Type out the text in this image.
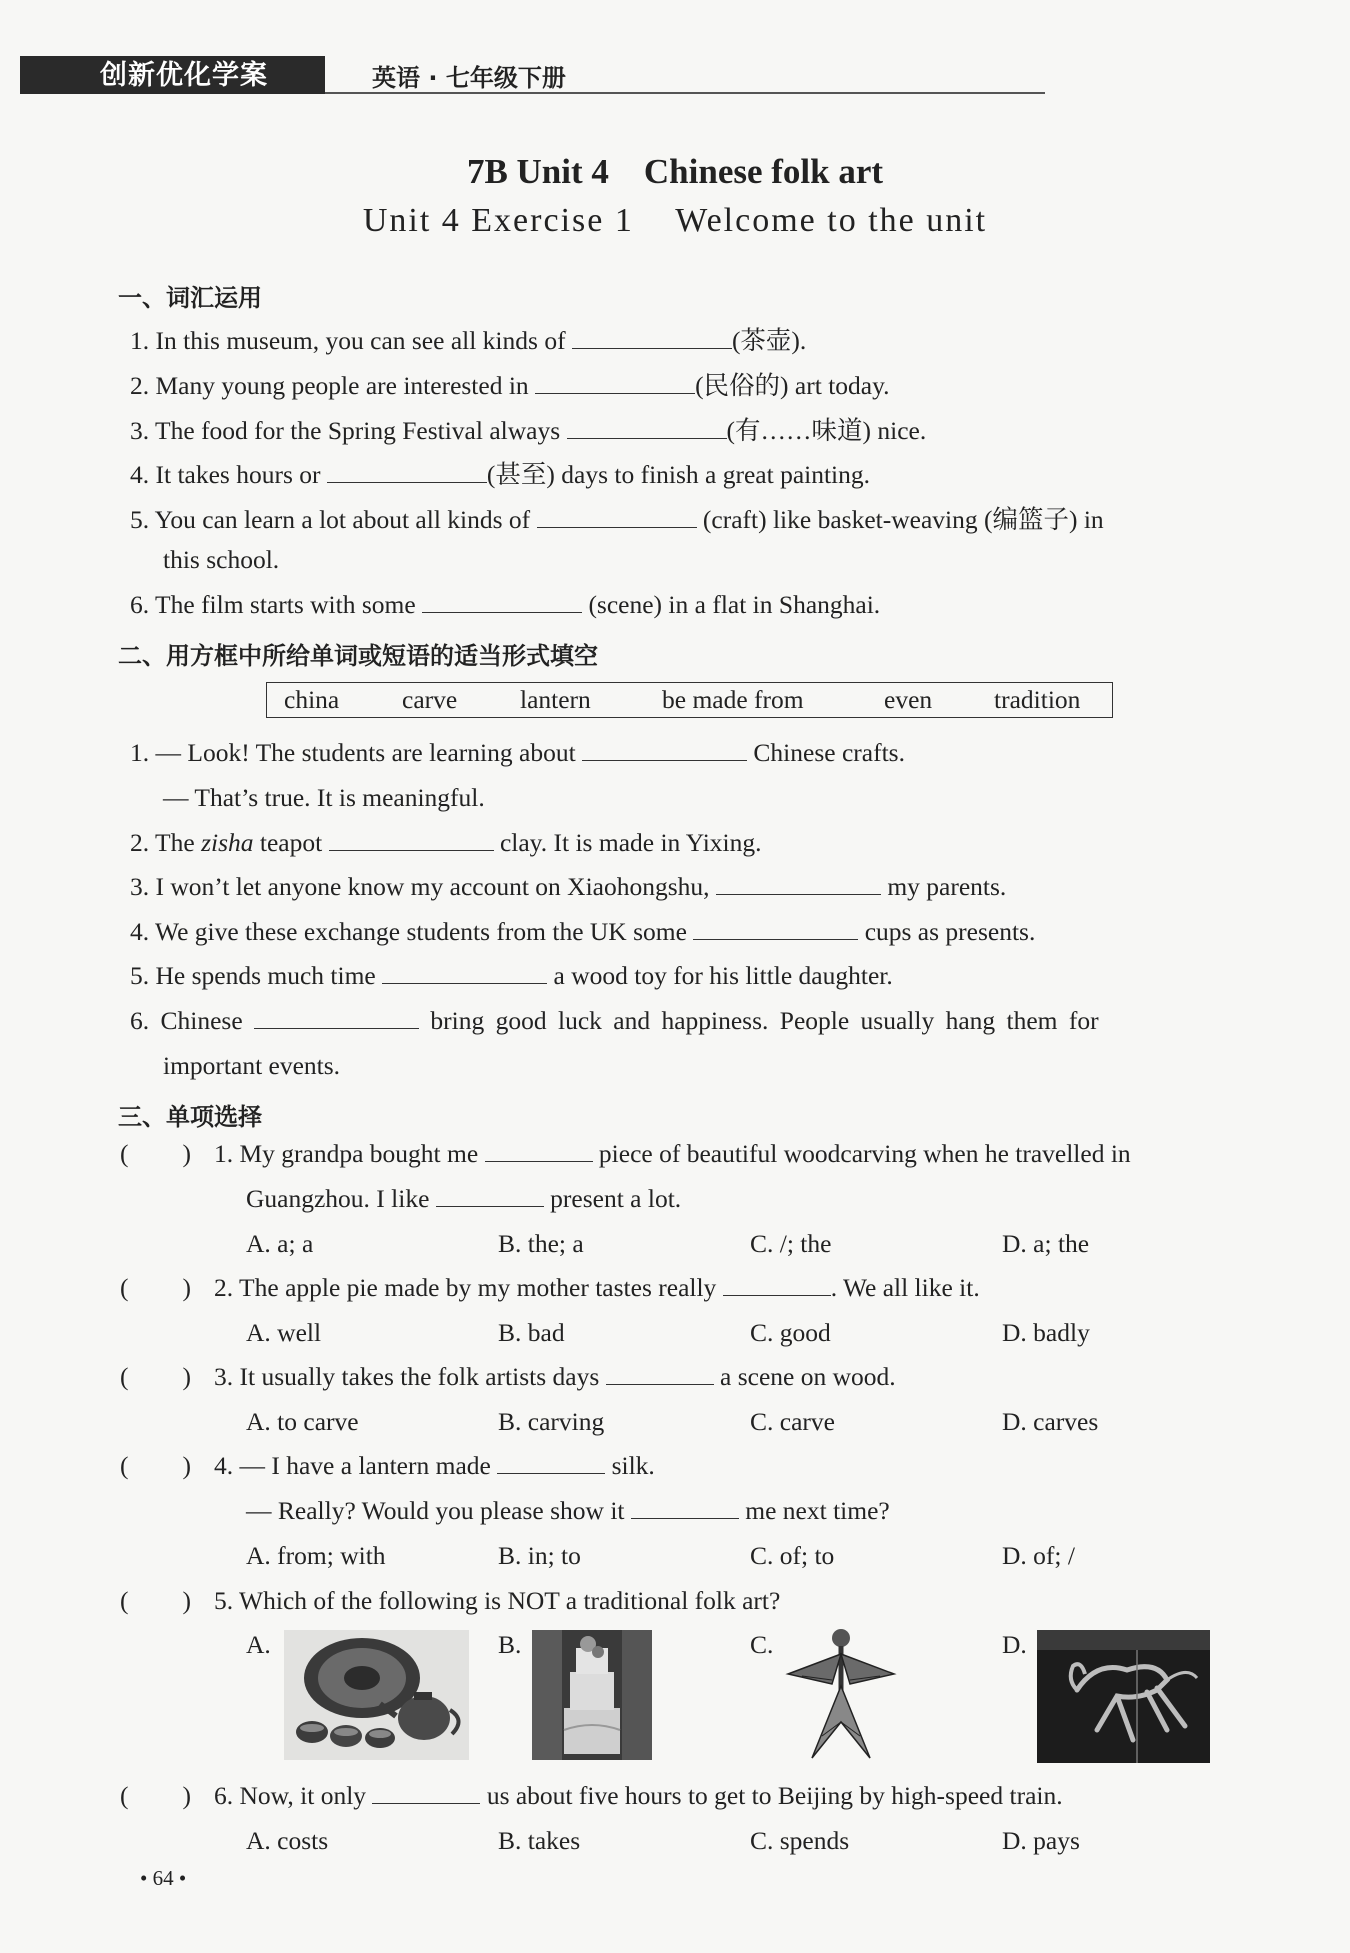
创新优化学案	英语 · 七年级下册
7B Unit 4    Chinese folk art
Unit 4 Exercise 1    Welcome to the unit
一、词汇运用
1. In this museum, you can see all kinds of	(茶壶).
2. Many young people are interested in	(民俗的) art today.
3. The food for the Spring Festival always	(有……味道) nice.
4. It takes hours or	(甚至) days to finish a great painting.
5. You can learn a lot about all kinds of	(craft) like basket-weaving (编篮子) in
this school.
6. The film starts with some	(scene) in a flat in Shanghai.
二、用方框中所给单词或短语的适当形式填空
china carve lantern	be made from	even tradition
1. — Look! The students are learning about	Chinese crafts.
— That’s true. It is meaningful.
2. The zisha teapot	clay. It is made in Yixing.
3. I won’t let anyone know my account on Xiaohongshu,	my parents.
4. We give these exchange students from the UK some	cups as presents.
5. He spends much time	a wood toy for his little daughter.
6. Chinese	bring good luck and happiness. People usually hang them for
important events.
三、单项选择
( ) 1. My grandpa bought me	piece of beautiful woodcarving when he travelled in
Guangzhou. I like	present a lot.
A. a; a	B. the; a	C. /; the	D. a; the
( ) 2. The apple pie made by my mother tastes really	. We all like it.
A. well	B. bad	C. good	D. badly
( ) 3. It usually takes the folk artists days	a scene on wood.
A. to carve	B. carving	C. carve	D. carves
( ) 4. — I have a lantern made	silk.
— Really? Would you please show it	me next time?
A. from; with	B. in; to	C. of; to	D. of; /
( ) 5. Which of the following is NOT a traditional folk art?
A.	B.	C.	D.
( ) 6. Now, it only	us about five hours to get to Beijing by high-speed train.
A. costs	B. takes	C. spends	D. pays
• 64 •
